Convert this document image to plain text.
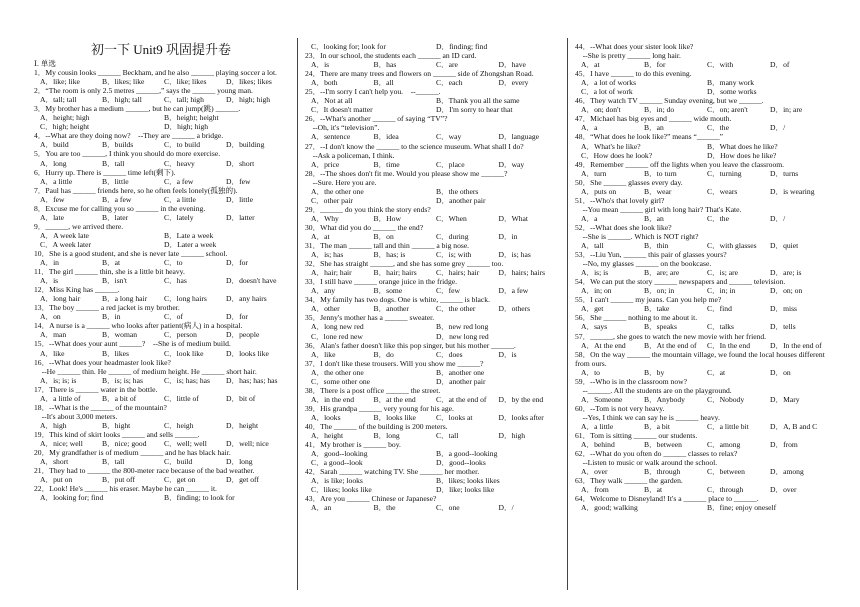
初一下 Unit9 巩固提升卷
Ⅰ. 单选
1．My cousin looks ______ Beckham, and he also ______ playing soccer a lot.
A．like; like	B．likes; like	C．like; likes	D．likes; likes
2．“The room is only 2.5 metres ______,” says the ______ young man.
A．tall; tall	B．high; tall	C．tall; high	D．high; high
3．My brother has a medium ______, but he can jump(跳) ______.
A．height; high	B．height; height
C．high; height	D．high; high
4．--What are they doing now?　--They are ______ a bridge.
A．build	B．builds	C．to build	D．building
5．You are too ______, I think you should do more exercise.
A．long	B．tall	C．heavy	D．short
6．Hurry up. There is ______ time left(剩下).
A．a little	B．little	C．a few	D．few
7．Paul has ______ friends here, so he often feels lonely(孤独的).
A．few	B．a few	C．a little	D．little
8．Excuse me for calling you so ______ in the evening.
A．late	B．later	C．lately	D．latter
9．______, we arrived there.
A．A week late	B．Late a week
C．A week later	D．Later a week
10．She is a good student, and she is never late ______ school.
A．in	B．at	C．to	D．for
11．The girl ______ thin, she is a little bit heavy.
A．is	B．isn't	C．has	D．doesn't have
12．Miss King has ______.
A．long hair	B．a long hair	C．long hairs	D．any hairs
13．The boy ______ a red jacket is my brother.
A．on	B．in	C．of	D．for
14．A nurse is a ______ who looks after patient(病人) in a hospital.
A．man	B．woman	C．person	D．people
15．--What does your aunt ______?　--She is of medium build.
A．like	B．likes	C．look like	D．looks like
16．--What does your headmaster look like?
　--He ______ thin. He ______ of medium height. He ______ short hair.
A．is; is; is	B．is; is; has	C．is; has; has	D．has; has; has
17．There is ______ water in the bottle.
A．a little of	B．a bit of	C．little of	D．bit of
18．--What is the ______ of the mountain?
　--It's about 3,000 meters.
A．high	B．hight	C．heigh	D．height
19．This kind of skirt looks ______ and sells ______.
A．nice; well	B．nice; good	C．well; well	D．well; nice
20．My grandfather is of medium ______ and he has black hair.
A．short	B．tall	C．build	D．long
21．They had to ______ the 800-meter race because of the bad weather.
A．put on	B．put off	C．get on	D．get off
22．Look! He's ______ his eraser. Maybe he can ______ it.
A．looking for; find	B．finding; to look for
C．looking for; look for	D．finding; find
23．In our school, the students each ______ an ID card.
A．is	B．has	C．are	D．have
24．There are many trees and flowers on ______ side of Zhongshan Road.
A．both	B．all	C．each	D．every
25．--I'm sorry I can't help you.　--______.
A．Not at all	B．Thank you all the same
C．It doesn't matter	D．I'm sorry to hear that
26．--What's another ______ of saying “TV”?
　--Oh, it's “television”.
A．sentence	B．idea	C．way	D．language
27．--I don't know the ______ to the science museum. What shall I do?
　--Ask a policeman, I think.
A．price	B．time	C．place	D．way
28．--The shoes don't fit me. Would you please show me ______?
　--Sure. Here you are.
A．the other one	B．the others
C．other pair	D．another pair
29．______ do you think the story ends?
A．Why	B．How	C．When	D．What
30．What did you do ______ the end?
A．at	B．on	C．during	D．in
31．The man ______ tall and thin ______ a big nose.
A．is; has	B．has; is	C．is; with	D．is; has
32．She has straight ______, and she has some grey ______ too.
A．hair; hair	B．hair; hairs	C．hairs; hair	D．hairs; hairs
33．I still have ______ orange juice in the fridge.
A．any	B．some	C．few	D．a few
34．My family has two dogs. One is white, ______ is black.
A．other	B．another	C．the other	D．others
35．Jenny's mother has a ______ sweater.
A．long new red	B．new red long
C．lone red new	D．new long red
36．Alan's father doesn't like this pop singer, but his mother ______.
A．like	B．do	C．does	D．is
37．I don't like these trousers. Will you show me ______?
A．the other one	B．another one
C．some other one	D．another pair
38．There is a post office ______ the street.
A．in the end	B．at the end	C．at the end of	D．by the end
39．His grandpa ______ very young for his age.
A．looks	B．looks like	C．looks at	D．looks after
40．The ______ of the building is 200 meters.
A．height	B．long	C．tall	D．high
41．My brother is ______ boy.
A．good--looking	B．a good--looking
C．a good--look	D．good--looks
42．Sarah ______ watching TV. She ______ her mother.
A．is like; looks	B．likes; looks likes
C．likes; looks like	D．like; looks like
43．Are you ______ Chinese or Japanese?
A．an	B．the	C．one	D．/
44．--What does your sister look like?
　--She is pretty ______ long hair.
A．at	B．for	C．with	D．of
45．I have ______ to do this evening.
A．a lot of works	B．many work
C．a lot of work	D．some works
46．They watch TV ______ Sunday evening, but we ______.
A．on; don't	B．in; do	C．on; aren't	D．in; are
47．Michael has big eyes and ______ wide mouth.
A．a	B．an	C．the	D．/
48．“What does he look like?” means “______”
A．What's he like?	B．What does he like?
C．How does he look?	D．How does he like?
49．Remember ______ off the lights when you leave the classroom.
A．turn	B．to turn	C．turning	D．turns
50．She ______ glasses every day.
A．puts on	B．wear	C．wears	D．is wearing
51．--Who's that lovely girl?
　--You mean ______ girl with long hair? That's Kate.
A．a	B．an	C．the	D．/
52．--What does she look like?
　--She is ______. Which is NOT right?
A．tall	B．thin	C．with glasses	D．quiet
53．--Liu Yun, ______ this pair of glasses yours?
　--No, my glasses ______ on the bookcase.
A．is; is	B．are; are	C．is; are	D．are; is
54．We can put the story ______ newspapers and ______ television.
A．in; on	B．on; in	C．in; in	D．on; on
55．I can't ______ my jeans. Can you help me?
A．get	B．take	C．find	D．miss
56．She ______ nothing to me about it.
A．says	B．speaks	C．talks	D．tells
57．______, she goes to watch the new movie with her friend.
A．At the end	B．At the end of	C．In the end	D．In the end of
58．On the way ______ the mountain village, we found the local houses different from ours.
A．to	B．by	C．at	D．on
59．--Who is in the classroom now?
　--______. All the students are on the playground.
A．Someone	B．Anybody	C．Nobody	D．Mary
60．--Tom is not very heavy.
　--Yes, I think we can say he is ______ heavy.
A．a little	B．a bit	C．a little bit	D．A, B and C
61．Tom is sitting ______ our students.
A．behind	B．between	C．among	D．from
62．--What do you often do ______ classes to relax?
　--Listen to music or walk around the school.
A．over	B．through	C．between	D．among
63．They walk ______ the garden.
A．from	B．at	C．through	D．over
64．Welcome to Disneyland! It's a ______ place to ______.
A．good; walking	B．fine; enjoy oneself
